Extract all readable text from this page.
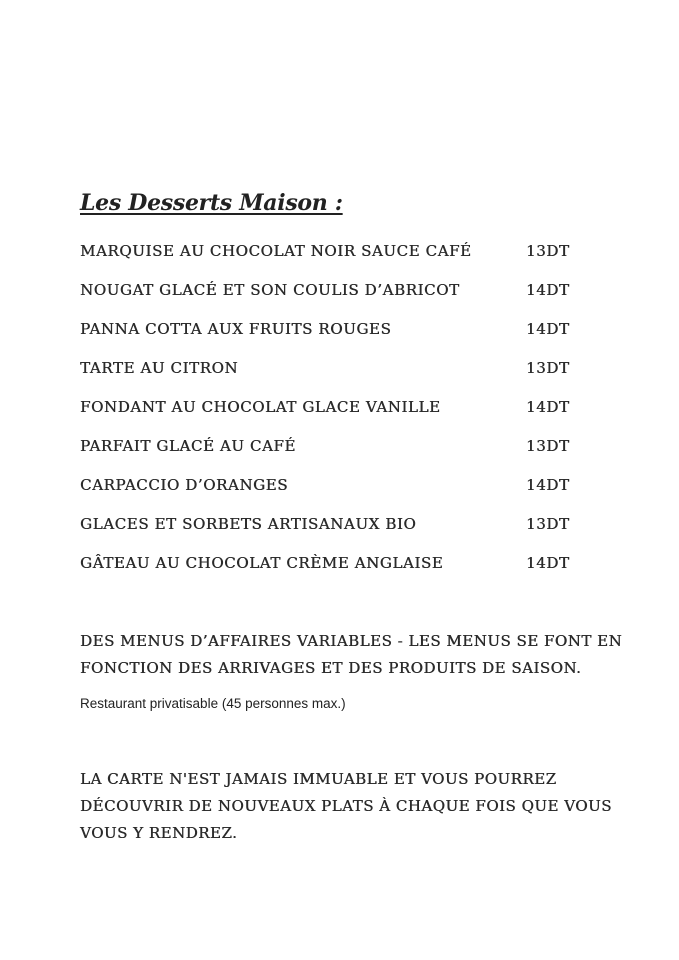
Les Desserts Maison :
MARQUISE AU CHOCOLAT NOIR SAUCE CAFÉ	13DT
NOUGAT GLACÉ ET SON COULIS D’ABRICOT	14DT
PANNA COTTA AUX FRUITS ROUGES	14DT
TARTE AU CITRON	13DT
FONDANT AU CHOCOLAT GLACE VANILLE	14DT
PARFAIT GLACÉ AU CAFÉ	13DT
CARPACCIO D’ORANGES	14DT
GLACES ET SORBETS ARTISANAUX BIO	13DT
GÂTEAU AU CHOCOLAT CRÈME ANGLAISE	14DT
DES MENUS D’AFFAIRES VARIABLES - LES MENUS SE FONT EN
FONCTION DES ARRIVAGES ET DES PRODUITS DE SAISON.
Restaurant privatisable (45 personnes max.)
LA CARTE N'EST JAMAIS IMMUABLE ET VOUS POURREZ
DÉCOUVRIR DE NOUVEAUX PLATS À CHAQUE FOIS QUE VOUS
VOUS Y RENDREZ.
